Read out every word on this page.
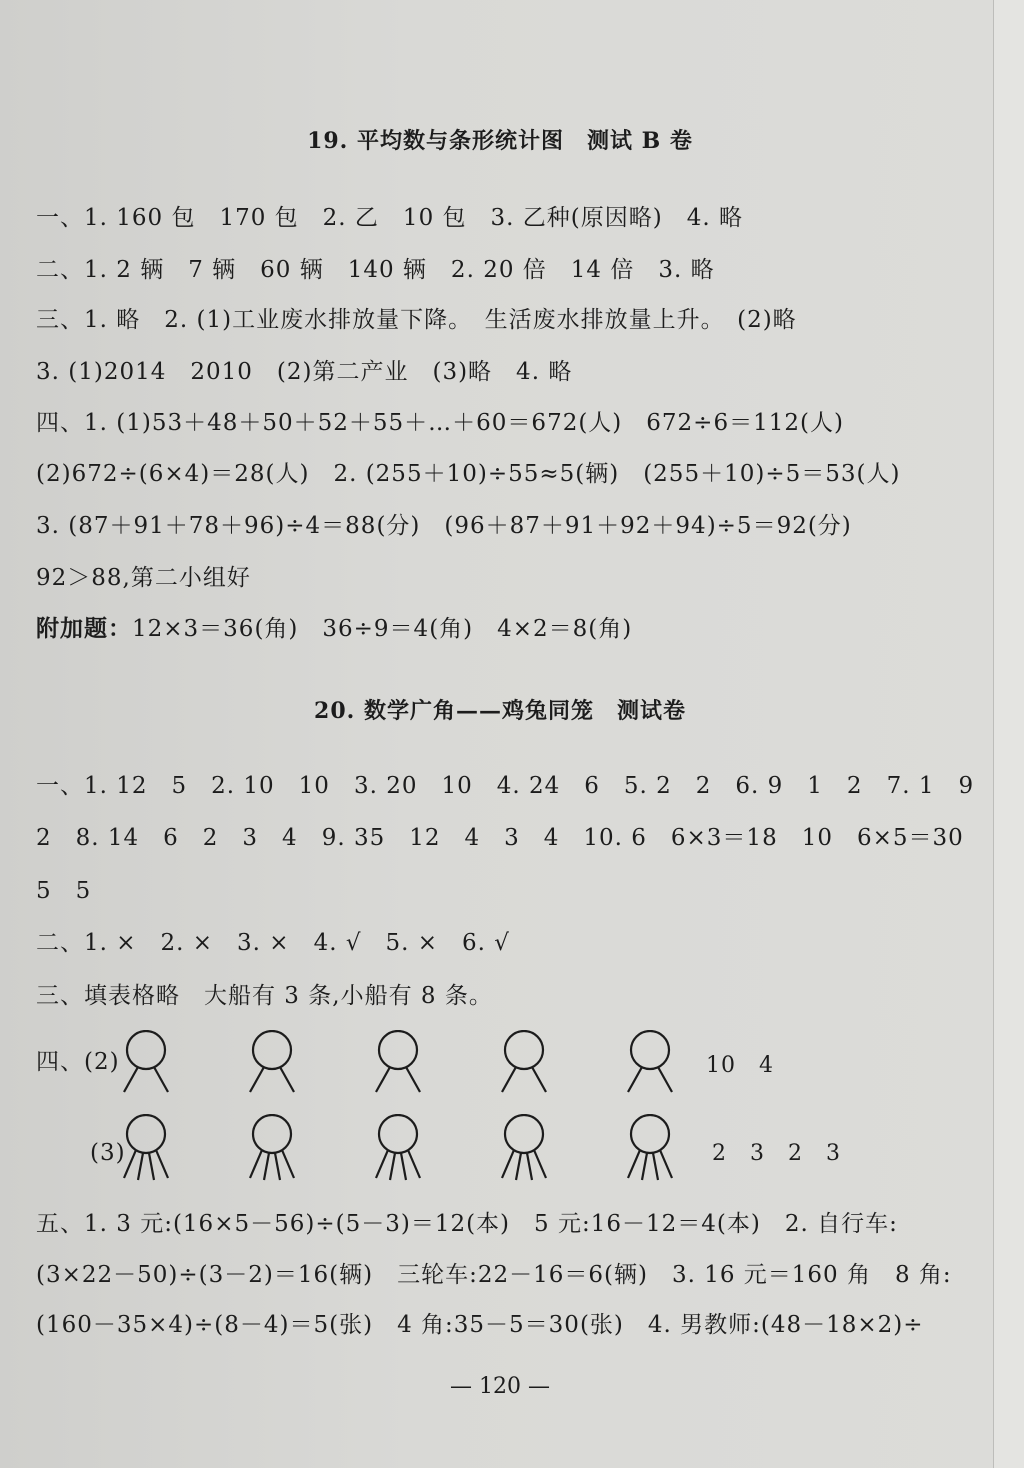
19. 平均数与条形统计图　测试 B 卷
一、1. 160 包　170 包　2. 乙　10 包　3. 乙种(原因略)　4. 略
二、1. 2 辆　7 辆　60 辆　140 辆　2. 20 倍　14 倍　3. 略
三、1. 略　2. (1)工业废水排放量下降。　生活废水排放量上升。　(2)略
3. (1)2014　2010　(2)第二产业　(3)略　4. 略
四、1. (1)53＋48＋50＋52＋55＋…＋60＝672(人)　672÷6＝112(人)
(2)672÷(6×4)＝28(人)　2. (255＋10)÷55≈5(辆)　(255＋10)÷5＝53(人)
3. (87＋91＋78＋96)÷4＝88(分)　(96＋87＋91＋92＋94)÷5＝92(分)
92＞88,第二小组好
附加题：12×3＝36(角)　36÷9＝4(角)　4×2＝8(角)
20. 数学广角——鸡兔同笼　测试卷
一、1. 12　5　2. 10　10　3. 20　10　4. 24　6　5. 2　2　6. 9　1　2　7. 1　9
2　8. 14　6　2　3　4　9. 35　12　4　3　4　10. 6　6×3＝18　10　6×5＝30
5　5
二、1. ×　2. ×　3. ×　4. √　5. ×　6. √
三、填表格略　大船有 3 条,小船有 8 条。
四、(2)	10　4
(3)	2　3　2　3
五、1. 3 元:(16×5－56)÷(5－3)＝12(本)　5 元:16－12＝4(本)　2. 自行车:
(3×22－50)÷(3－2)＝16(辆)　三轮车:22－16＝6(辆)　3. 16 元＝160 角　8 角:
(160－35×4)÷(8－4)＝5(张)　4 角:35－5＝30(张)　4. 男教师:(48－18×2)÷
— 120 —
